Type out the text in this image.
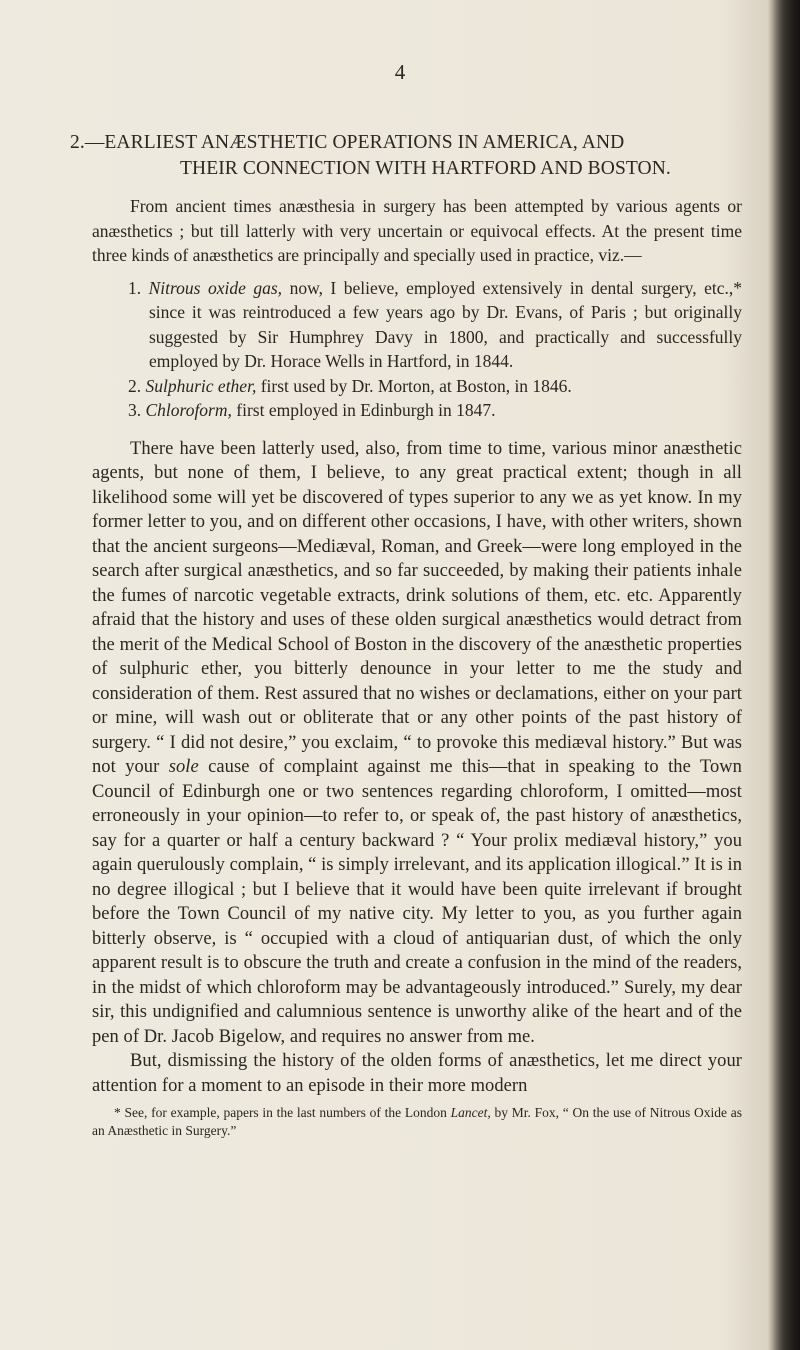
4
2.—EARLIEST ANÆSTHETIC OPERATIONS IN AMERICA, AND
THEIR CONNECTION WITH HARTFORD AND BOSTON.

From ancient times anæsthesia in surgery has been attempted by various agents or anæsthetics ; but till latterly with very uncertain or equivocal effects. At the present time three kinds of anæsthetics are principally and specially used in practice, viz.—

1. Nitrous oxide gas, now, I believe, employed extensively in dental surgery, etc.,* since it was reintroduced a few years ago by Dr. Evans, of Paris ; but originally suggested by Sir Humphrey Davy in 1800, and practically and successfully employed by Dr. Horace Wells in Hartford, in 1844.
2. Sulphuric ether, first used by Dr. Morton, at Boston, in 1846.
3. Chloroform, first employed in Edinburgh in 1847.

There have been latterly used, also, from time to time, various minor anæsthetic agents, but none of them, I believe, to any great practical extent; though in all likelihood some will yet be discovered of types superior to any we as yet know. In my former letter to you, and on different other occasions, I have, with other writers, shown that the ancient surgeons—Mediæval, Roman, and Greek—were long employed in the search after surgical anæsthetics, and so far succeeded, by making their patients inhale the fumes of narcotic vegetable extracts, drink solutions of them, etc. etc. Apparently afraid that the history and uses of these olden surgical anæsthetics would detract from the merit of the Medical School of Boston in the discovery of the anæsthetic properties of sulphuric ether, you bitterly denounce in your letter to me the study and consideration of them. Rest assured that no wishes or declamations, either on your part or mine, will wash out or obliterate that or any other points of the past history of surgery. “ I did not desire,” you exclaim, “ to provoke this mediæval history.” But was not your sole cause of complaint against me this—that in speaking to the Town Council of Edinburgh one or two sentences regarding chloroform, I omitted—most erroneously in your opinion—to refer to, or speak of, the past history of anæsthetics, say for a quarter or half a century backward ? “ Your prolix mediæval history,” you again querulously complain, “ is simply irrelevant, and its application illogical.” It is in no degree illogical ; but I believe that it would have been quite irrelevant if brought before the Town Council of my native city. My letter to you, as you further again bitterly observe, is “ occupied with a cloud of antiquarian dust, of which the only apparent result is to obscure the truth and create a confusion in the mind of the readers, in the midst of which chloroform may be advantageously introduced.” Surely, my dear sir, this undignified and calumnious sentence is unworthy alike of the heart and of the pen of Dr. Jacob Bigelow, and requires no answer from me.

But, dismissing the history of the olden forms of anæsthetics, let me direct your attention for a moment to an episode in their more modern

* See, for example, papers in the last numbers of the London Lancet, by Mr. Fox, “ On the use of Nitrous Oxide as an Anæsthetic in Surgery.”
